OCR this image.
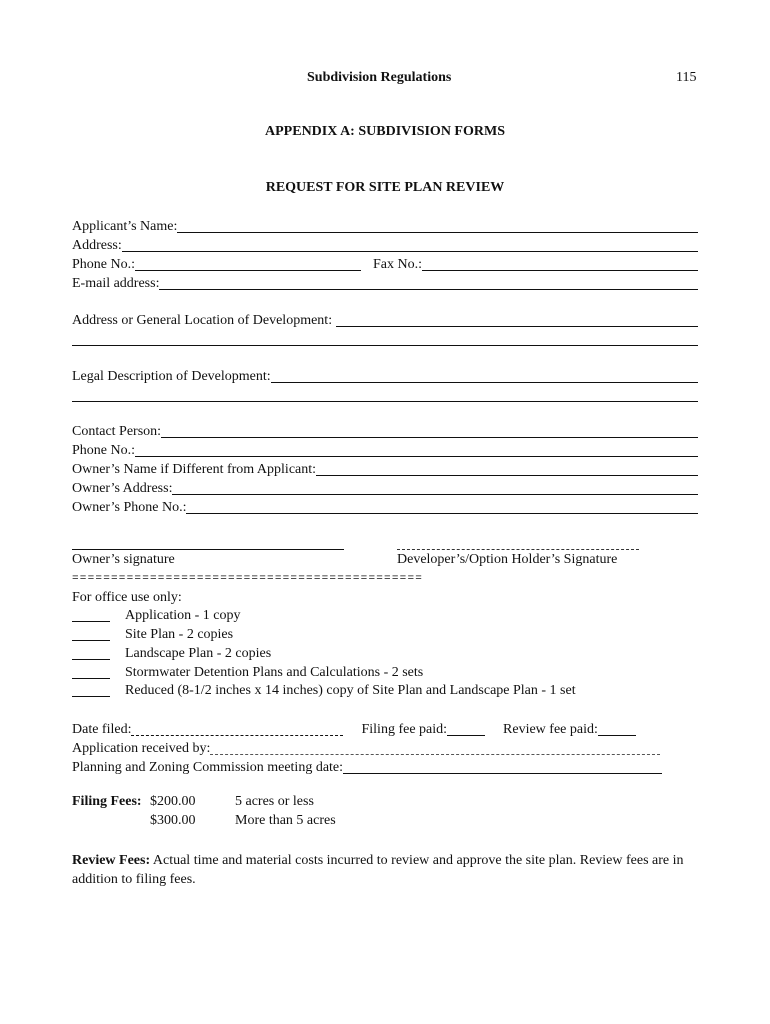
Subdivision Regulations	115
APPENDIX A: SUBDIVISION FORMS
REQUEST FOR SITE PLAN REVIEW
Applicant’s Name:
Address:
Phone No.:	Fax No.:
E-mail address:
Address or General Location of Development:
Legal Description of Development:
Contact Person:
Phone No.:
Owner’s Name if Different from Applicant:
Owner’s Address:
Owner’s Phone No.:
Owner’s signature	Developer’s/Option Holder’s Signature
=============================================
For office use only:
Application - 1 copy
Site Plan - 2 copies
Landscape Plan - 2 copies
Stormwater Detention Plans and Calculations - 2 sets
Reduced (8-1/2 inches x 14 inches) copy of Site Plan and Landscape Plan - 1 set
Date filed:	Filing fee paid:	Review fee paid:
Application received by:
Planning and Zoning Commission meeting date:
Filing Fees: $200.00	5 acres or less
$300.00	More than 5 acres
Review Fees: Actual time and material costs incurred to review and approve the site plan. Review fees are in addition to filing fees.
